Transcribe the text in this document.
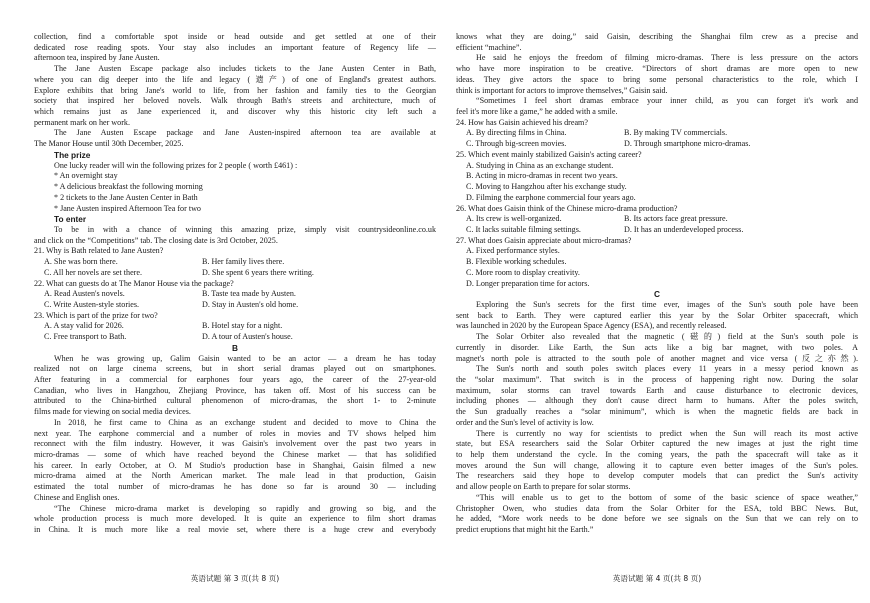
collection, find a comfortable spot inside or head outside and get settled at one of their
dedicated rose reading spots. Your stay also includes an important feature of Regency life —
afternoon tea, inspired by Jane Austen.
The Jane Austen Escape package also includes tickets to the Jane Austen Center in Bath,
where you can dig deeper into the life and legacy (遗产) of one of England's greatest authors.
Explore exhibits that bring Jane's world to life, from her fashion and family ties to the Georgian
society that inspired her beloved novels. Walk through Bath's streets and architecture, much of
which remains just as Jane experienced it, and discover why this historic city left such a
permanent mark on her work.
The Jane Austen Escape package and Jane Austen-inspired afternoon tea are available at
The Manor House until 30th December, 2025.
The prize
One lucky reader will win the following prizes for 2 people ( worth £461) :
* An overnight stay
* A delicious breakfast the following morning
* 2 tickets to the Jane Austen Center in Bath
* Jane Austen inspired Afternoon Tea for two
To enter
To be in with a chance of winning this amazing prize, simply visit countrysideonline.co.uk
and click on the “Competitions” tab. The closing date is 3rd October, 2025.
21. Why is Bath related to Jane Austen?
A. She was born there.	B. Her family lives there.
C. All her novels are set there.	D. She spent 6 years there writing.
22. What can guests do at The Manor House via the package?
A. Read Austen's novels.	B. Taste tea made by Austen.
C. Write Austen-style stories.	D. Stay in Austen's old home.
23. Which is part of the prize for two?
A. A stay valid for 2026.	B. Hotel stay for a night.
C. Free transport to Bath.	D. A tour of Austen's house.
B
When he was growing up, Galim Gaisin wanted to be an actor — a dream he has today
realized not on large cinema screens, but in short serial dramas played out on smartphones.
After featuring in a commercial for earphones four years ago, the career of the 27-year-old
Canadian, who lives in Hangzhou, Zhejiang Province, has taken off. Most of his success can be
attributed to the China-birthed cultural phenomenon of micro-dramas, the short 1- to 2-minute
films made for viewing on social media devices.
In 2018, he first came to China as an exchange student and decided to move to China the
next year. The earphone commercial and a number of roles in movies and TV shows helped him
reconnect with the film industry. However, it was Gaisin's involvement over the past two years in
micro-dramas — some of which have reached beyond the Chinese market — that has solidified
his career. In early October, at O. M Studio's production base in Shanghai, Gaisin filmed a new
micro-drama aimed at the North American market. The male lead in that production, Gaisin
estimated the total number of micro-dramas he has done so far is around 30 — including
Chinese and English ones.
“The Chinese micro-drama market is developing so rapidly and growing so big, and the
whole production process is much more developed. It is quite an experience to film short dramas
in China. It is much more like a real movie set, where there is a huge crew and everybody
knows what they are doing,” said Gaisin, describing the Shanghai film crew as a precise and
efficient “machine”.
He said he enjoys the freedom of filming micro-dramas. There is less pressure on the actors
who have more inspiration to be creative. “Directors of short dramas are more open to new
ideas. They give actors the space to bring some personal characteristics to the role, which I
think is important for actors to improve themselves,” Gaisin said.
“Sometimes I feel short dramas embrace your inner child, as you can forget it's work and
feel it's more like a game,” he added with a smile.
24. How has Gaisin achieved his dream?
A. By directing films in China.	B. By making TV commercials.
C. Through big-screen movies.	D. Through smartphone micro-dramas.
25. Which event mainly stabilized Gaisin's acting career?
A. Studying in China as an exchange student.
B. Acting in micro-dramas in recent two years.
C. Moving to Hangzhou after his exchange study.
D. Filming the earphone commercial four years ago.
26. What does Gaisin think of the Chinese micro-drama production?
A. Its crew is well-organized.	B. Its actors face great pressure.
C. It lacks suitable filming settings.	D. It has an underdeveloped process.
27. What does Gaisin appreciate about micro-dramas?
A. Fixed performance styles.
B. Flexible working schedules.
C. More room to display creativity.
D. Longer preparation time for actors.
C
Exploring the Sun's secrets for the first time ever, images of the Sun's south pole have been
sent back to Earth. They were captured earlier this year by the Solar Orbiter spacecraft, which
was launched in 2020 by the European Space Agency (ESA), and recently released.
The Solar Orbiter also revealed that the magnetic (磁的) field at the Sun's south pole is
currently in disorder. Like Earth, the Sun acts like a big bar magnet, with two poles. A
magnet's north pole is attracted to the south pole of another magnet and vice versa (反之亦然).
The Sun's north and south poles switch places every 11 years in a messy period known as
the “solar maximum”. That switch is in the process of happening right now. During the solar
maximum, solar storms can travel towards Earth and cause disturbance to electronic devices,
including phones — although they don't cause direct harm to humans. After the poles switch,
the Sun gradually reaches a “solar minimum”, which is when the magnetic fields are back in
order and the Sun's level of activity is low.
There is currently no way for scientists to predict when the Sun will reach its most active
state, but ESA researchers said the Solar Orbiter captured the new images at just the right time
to help them understand the cycle. In the coming years, the path the spacecraft will take as it
moves around the Sun will change, allowing it to capture even better images of the Sun's poles.
The researchers said they hope to develop computer models that can predict the Sun's activity
and allow people on Earth to prepare for solar storms.
“This will enable us to get to the bottom of some of the basic science of space weather,”
Christopher Owen, who studies data from the Solar Orbiter for the ESA, told BBC News. But,
he added, “More work needs to be done before we see signals on the Sun that we can rely on to
predict eruptions that might hit the Earth.”
英语试题 第 3 页(共 8 页)	英语试题 第 4 页(共 8 页)
